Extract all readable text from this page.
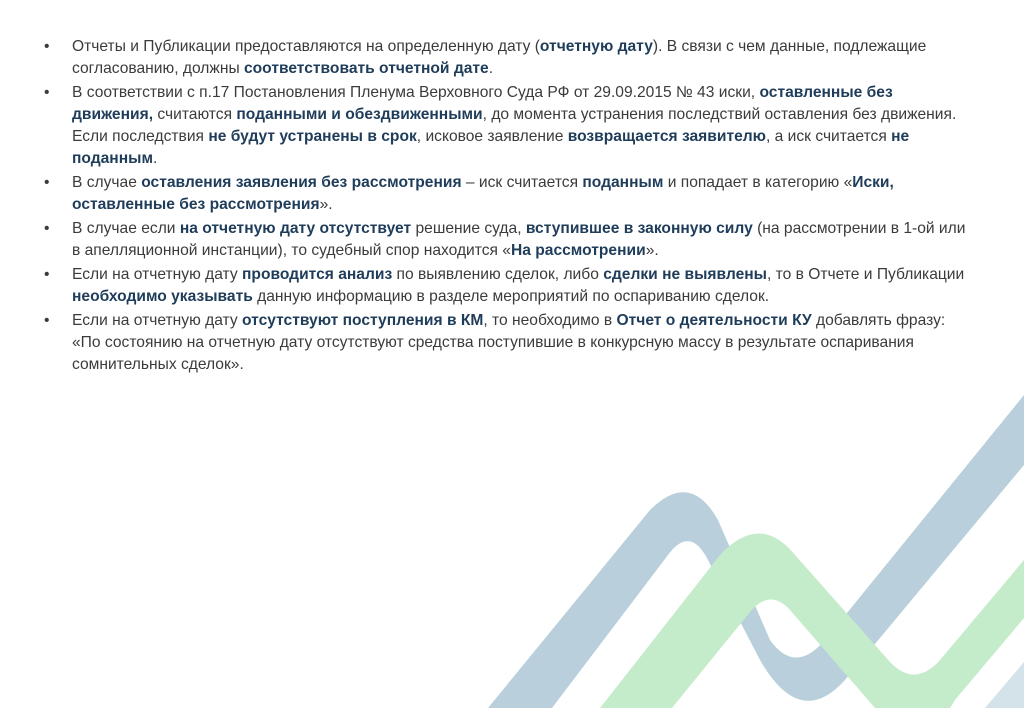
• Отчеты и Публикации предоставляются на определенную дату (отчетную дату). В связи с чем данные, подлежащие согласованию, должны соответствовать отчетной дате.
• В соответствии с п.17 Постановления Пленума Верховного Суда РФ от 29.09.2015 № 43 иски, оставленные без движения, считаются поданными и обездвиженными, до момента устранения последствий оставления без движения. Если последствия не будут устранены в срок, исковое заявление возвращается заявителю, а иск считается не поданным.
• В случае оставления заявления без рассмотрения – иск считается поданным и попадает в категорию «Иски, оставленные без рассмотрения».
• В случае если на отчетную дату отсутствует решение суда, вступившее в законную силу (на рассмотрении в 1-ой или в апелляционной инстанции), то судебный спор находится «На рассмотрении».
• Если на отчетную дату проводится анализ по выявлению сделок, либо сделки не выявлены, то в Отчете и Публикации необходимо указывать данную информацию в разделе мероприятий по оспариванию сделок.
• Если на отчетную дату отсутствуют поступления в КМ, то необходимо в Отчет о деятельности КУ добавлять фразу: «По состоянию на отчетную дату отсутствуют средства поступившие в конкурсную массу в результате оспаривания сомнительных сделок».
